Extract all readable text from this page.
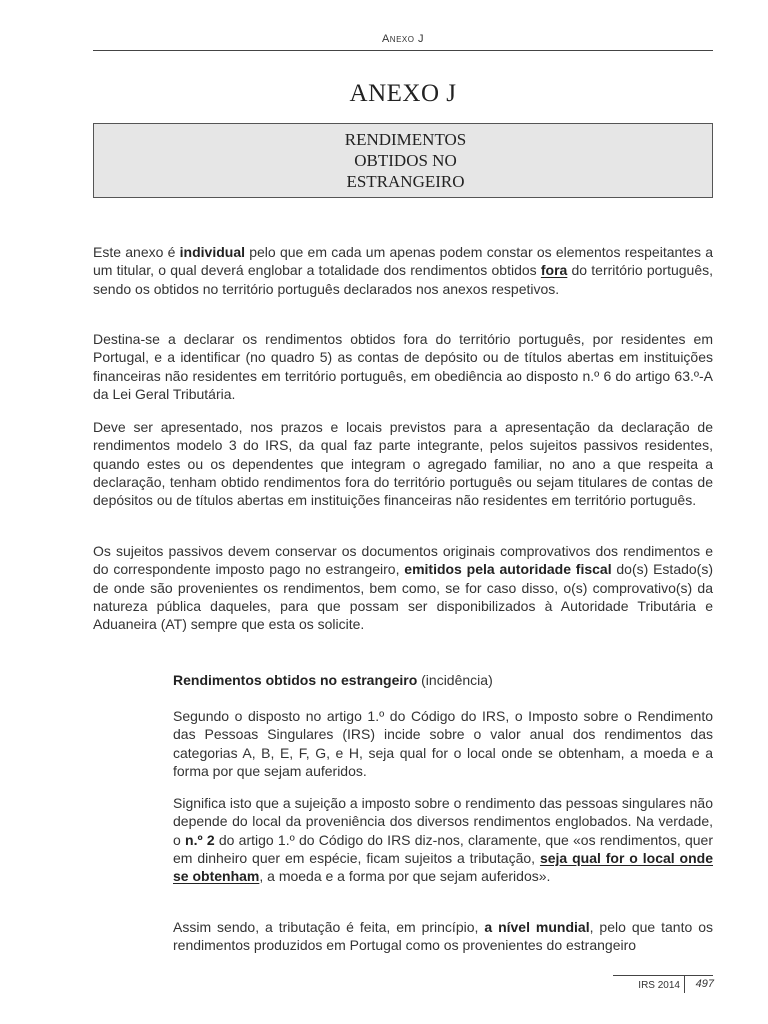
Anexo J
ANEXO J
RENDIMENTOS OBTIDOS NO ESTRANGEIRO

Este anexo é individual pelo que em cada um apenas podem constar os elementos respeitantes a um titular, o qual deverá englobar a totalidade dos rendimentos obtidos fora do território português, sendo os obtidos no território português declarados nos anexos respetivos.

Destina-se a declarar os rendimentos obtidos fora do território português, por residentes em Portugal, e a identificar (no quadro 5) as contas de depósito ou de títulos abertas em instituições financeiras não residentes em território português, em obediência ao disposto n.º 6 do artigo 63.º-A da Lei Geral Tributária.

Deve ser apresentado, nos prazos e locais previstos para a apresentação da declaração de rendimentos modelo 3 do IRS, da qual faz parte integrante, pelos sujeitos passivos residentes, quando estes ou os dependentes que integram o agregado familiar, no ano a que respeita a declaração, tenham obtido rendimentos fora do território português ou sejam titulares de contas de depósitos ou de títulos abertas em instituições financeiras não residentes em território português.

Os sujeitos passivos devem conservar os documentos originais comprovativos dos rendimentos e do correspondente imposto pago no estrangeiro, emitidos pela autoridade fiscal do(s) Estado(s) de onde são provenientes os rendimentos, bem como, se for caso disso, o(s) comprovativo(s) da natureza pública daqueles, para que possam ser disponibilizados à Autoridade Tributária e Aduaneira (AT) sempre que esta os solicite.

Rendimentos obtidos no estrangeiro (incidência)

Segundo o disposto no artigo 1.º do Código do IRS, o Imposto sobre o Rendimento das Pessoas Singulares (IRS) incide sobre o valor anual dos rendimentos das categorias A, B, E, F, G, e H, seja qual for o local onde se obtenham, a moeda e a forma por que sejam auferidos.

Significa isto que a sujeição a imposto sobre o rendimento das pessoas singulares não depende do local da proveniência dos diversos rendimentos englobados. Na verdade, o n.º 2 do artigo 1.º do Código do IRS diz-nos, claramente, que «os rendimentos, quer em dinheiro quer em espécie, ficam sujeitos a tributação, seja qual for o local onde se obtenham, a moeda e a forma por que sejam auferidos».

Assim sendo, a tributação é feita, em princípio, a nível mundial, pelo que tanto os rendimentos produzidos em Portugal como os provenientes do estrangeiro

IRS 2014	497
